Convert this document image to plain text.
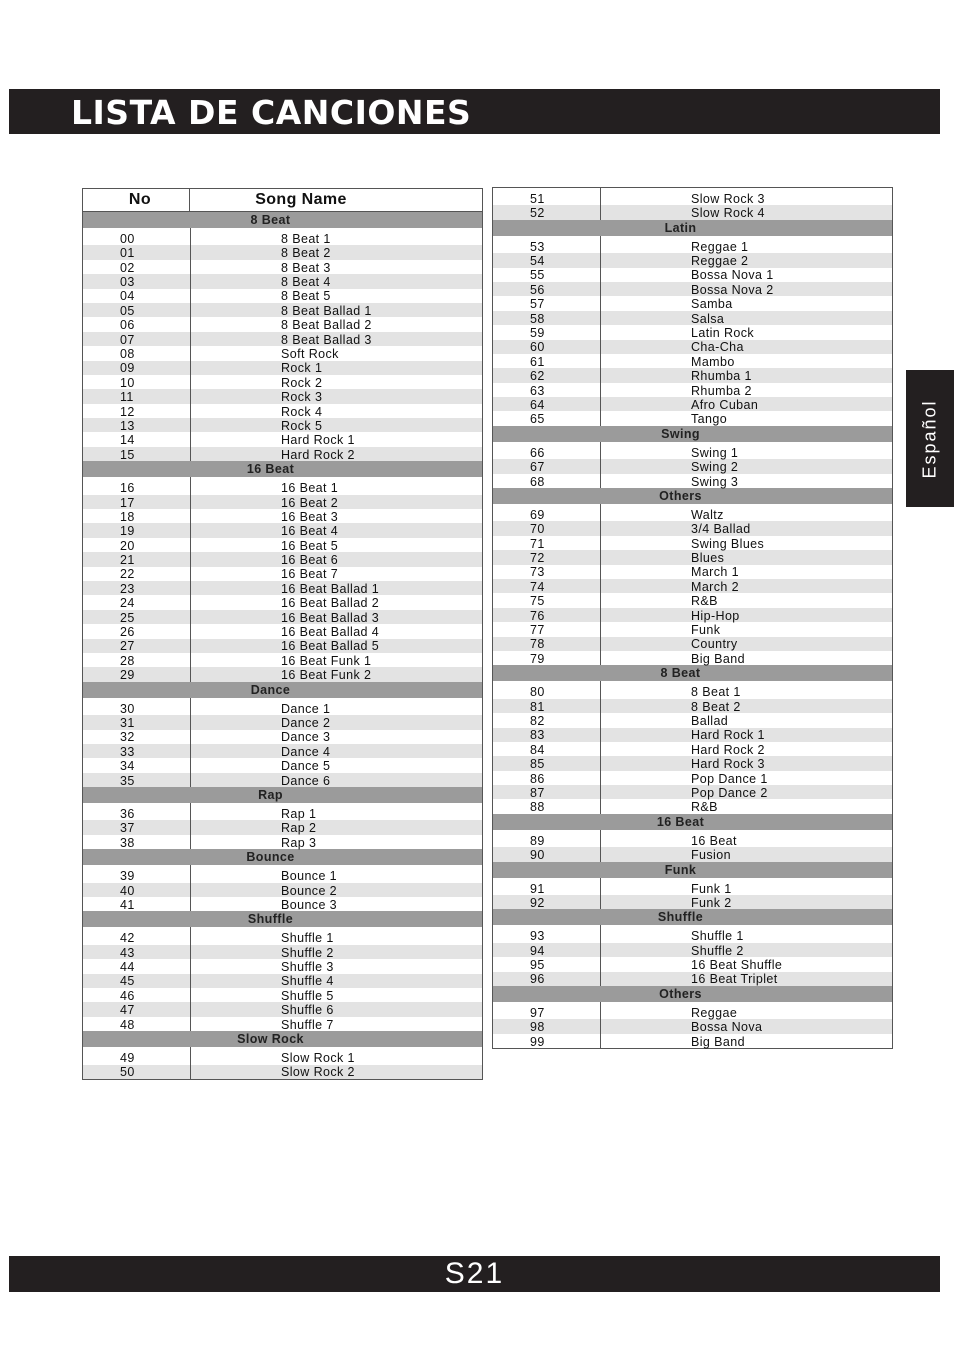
LISTA DE CANCIONES
Español
No	Song Name
8 Beat
00	8 Beat 1
01	8 Beat 2
02	8 Beat 3
03	8 Beat 4
04	8 Beat 5
05	8 Beat Ballad 1
06	8 Beat Ballad 2
07	8 Beat Ballad 3
08	Soft Rock
09	Rock 1
10	Rock 2
11	Rock 3
12	Rock 4
13	Rock 5
14	Hard Rock 1
15	Hard Rock 2
16 Beat
16	16 Beat 1
17	16 Beat 2
18	16 Beat 3
19	16 Beat 4
20	16 Beat 5
21	16 Beat 6
22	16 Beat 7
23	16 Beat Ballad 1
24	16 Beat Ballad 2
25	16 Beat Ballad 3
26	16 Beat Ballad 4
27	16 Beat Ballad 5
28	16 Beat Funk 1
29	16 Beat Funk 2
Dance
30	Dance 1
31	Dance 2
32	Dance 3
33	Dance 4
34	Dance 5
35	Dance 6
Rap
36	Rap 1
37	Rap 2
38	Rap 3
Bounce
39	Bounce 1
40	Bounce 2
41	Bounce 3
Shuffle
42	Shuffle 1
43	Shuffle 2
44	Shuffle 3
45	Shuffle 4
46	Shuffle 5
47	Shuffle 6
48	Shuffle 7
Slow Rock
49	Slow Rock 1
50	Slow Rock 2
51	Slow Rock 3
52	Slow Rock 4
Latin
53	Reggae 1
54	Reggae 2
55	Bossa Nova 1
56	Bossa Nova 2
57	Samba
58	Salsa
59	Latin Rock
60	Cha-Cha
61	Mambo
62	Rhumba 1
63	Rhumba 2
64	Afro Cuban
65	Tango
Swing
66	Swing 1
67	Swing 2
68	Swing 3
Others
69	Waltz
70	3/4 Ballad
71	Swing Blues
72	Blues
73	March 1
74	March 2
75	R&B
76	Hip-Hop
77	Funk
78	Country
79	Big Band
8 Beat
80	8 Beat 1
81	8 Beat 2
82	Ballad
83	Hard Rock 1
84	Hard Rock 2
85	Hard Rock 3
86	Pop Dance 1
87	Pop Dance 2
88	R&B
16 Beat
89	16 Beat
90	Fusion
Funk
91	Funk 1
92	Funk 2
Shuffle
93	Shuffle 1
94	Shuffle 2
95	16 Beat Shuffle
96	16 Beat Triplet
Others
97	Reggae
98	Bossa Nova
99	Big Band
S21
